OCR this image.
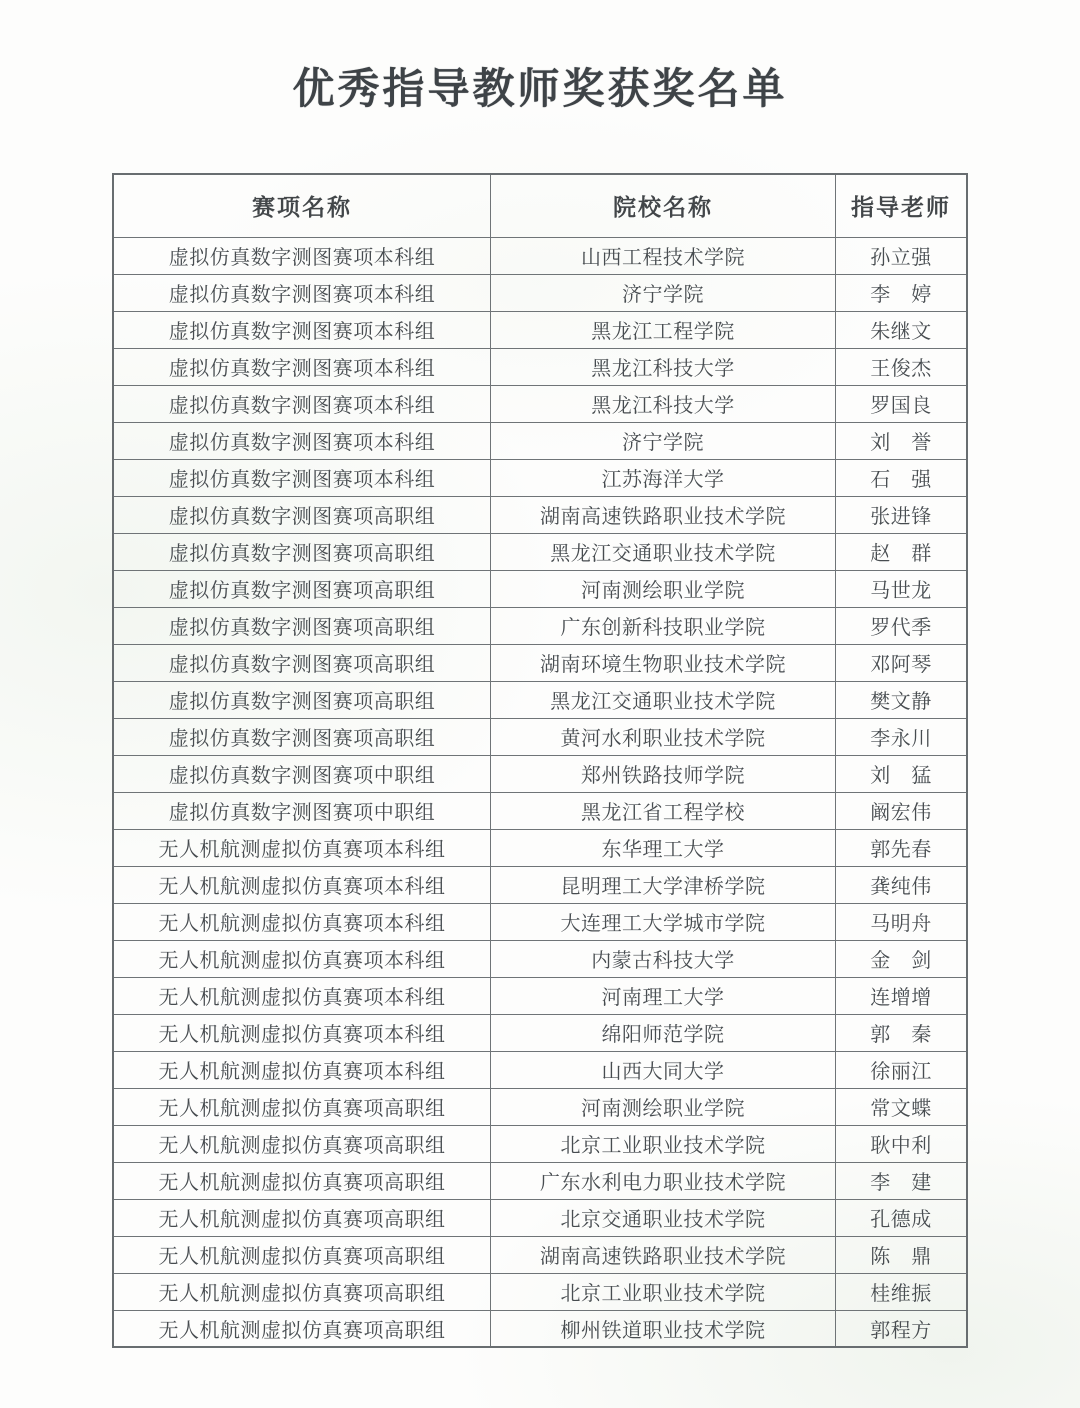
优秀指导教师奖获奖名单
赛项名称	院校名称	指导老师
虚拟仿真数字测图赛项本科组	山西工程技术学院	孙立强
虚拟仿真数字测图赛项本科组	济宁学院	李　婷
虚拟仿真数字测图赛项本科组	黑龙江工程学院	朱继文
虚拟仿真数字测图赛项本科组	黑龙江科技大学	王俊杰
虚拟仿真数字测图赛项本科组	黑龙江科技大学	罗国良
虚拟仿真数字测图赛项本科组	济宁学院	刘　誉
虚拟仿真数字测图赛项本科组	江苏海洋大学	石　强
虚拟仿真数字测图赛项高职组	湖南高速铁路职业技术学院	张进锋
虚拟仿真数字测图赛项高职组	黑龙江交通职业技术学院	赵　群
虚拟仿真数字测图赛项高职组	河南测绘职业学院	马世龙
虚拟仿真数字测图赛项高职组	广东创新科技职业学院	罗代季
虚拟仿真数字测图赛项高职组	湖南环境生物职业技术学院	邓阿琴
虚拟仿真数字测图赛项高职组	黑龙江交通职业技术学院	樊文静
虚拟仿真数字测图赛项高职组	黄河水利职业技术学院	李永川
虚拟仿真数字测图赛项中职组	郑州铁路技师学院	刘　猛
虚拟仿真数字测图赛项中职组	黑龙江省工程学校	阚宏伟
无人机航测虚拟仿真赛项本科组	东华理工大学	郭先春
无人机航测虚拟仿真赛项本科组	昆明理工大学津桥学院	龚纯伟
无人机航测虚拟仿真赛项本科组	大连理工大学城市学院	马明舟
无人机航测虚拟仿真赛项本科组	内蒙古科技大学	金　剑
无人机航测虚拟仿真赛项本科组	河南理工大学	连增增
无人机航测虚拟仿真赛项本科组	绵阳师范学院	郭　秦
无人机航测虚拟仿真赛项本科组	山西大同大学	徐丽江
无人机航测虚拟仿真赛项高职组	河南测绘职业学院	常文蝶
无人机航测虚拟仿真赛项高职组	北京工业职业技术学院	耿中利
无人机航测虚拟仿真赛项高职组	广东水利电力职业技术学院	李　建
无人机航测虚拟仿真赛项高职组	北京交通职业技术学院	孔德成
无人机航测虚拟仿真赛项高职组	湖南高速铁路职业技术学院	陈　鼎
无人机航测虚拟仿真赛项高职组	北京工业职业技术学院	桂维振
无人机航测虚拟仿真赛项高职组	柳州铁道职业技术学院	郭程方
